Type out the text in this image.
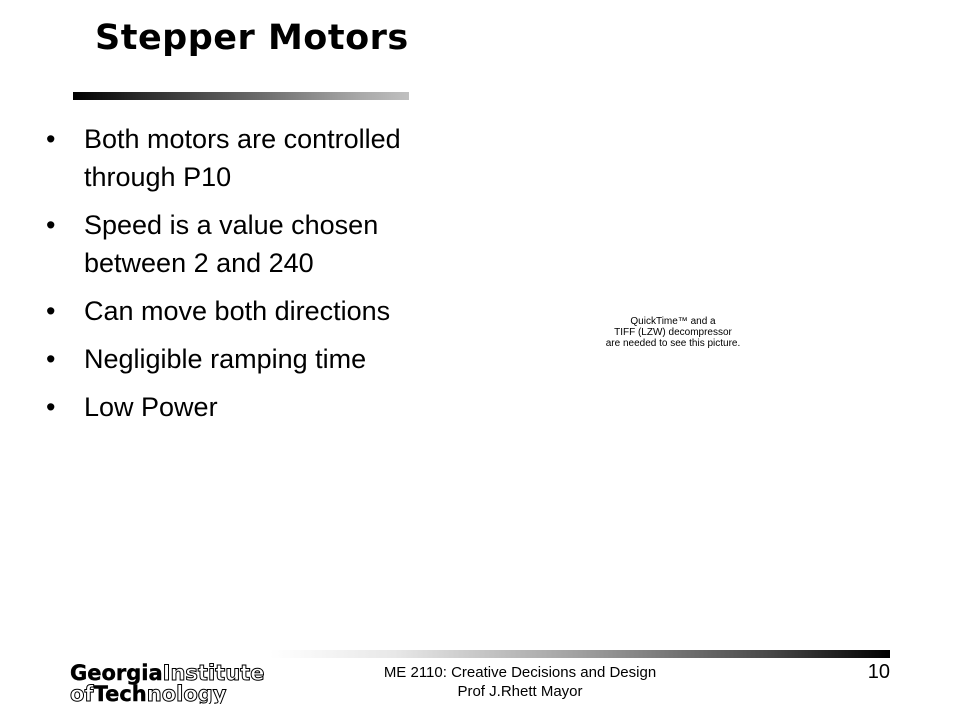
Stepper Motors
• Both motors are controlled through P10
• Speed is a value chosen between 2 and 240
• Can move both directions
• Negligible ramping time
• Low Power
QuickTime™ and a
TIFF (LZW) decompressor
are needed to see this picture.
GeorgiaInstitute
ofTechnology
ME 2110: Creative Decisions and Design
Prof J.Rhett Mayor
10
